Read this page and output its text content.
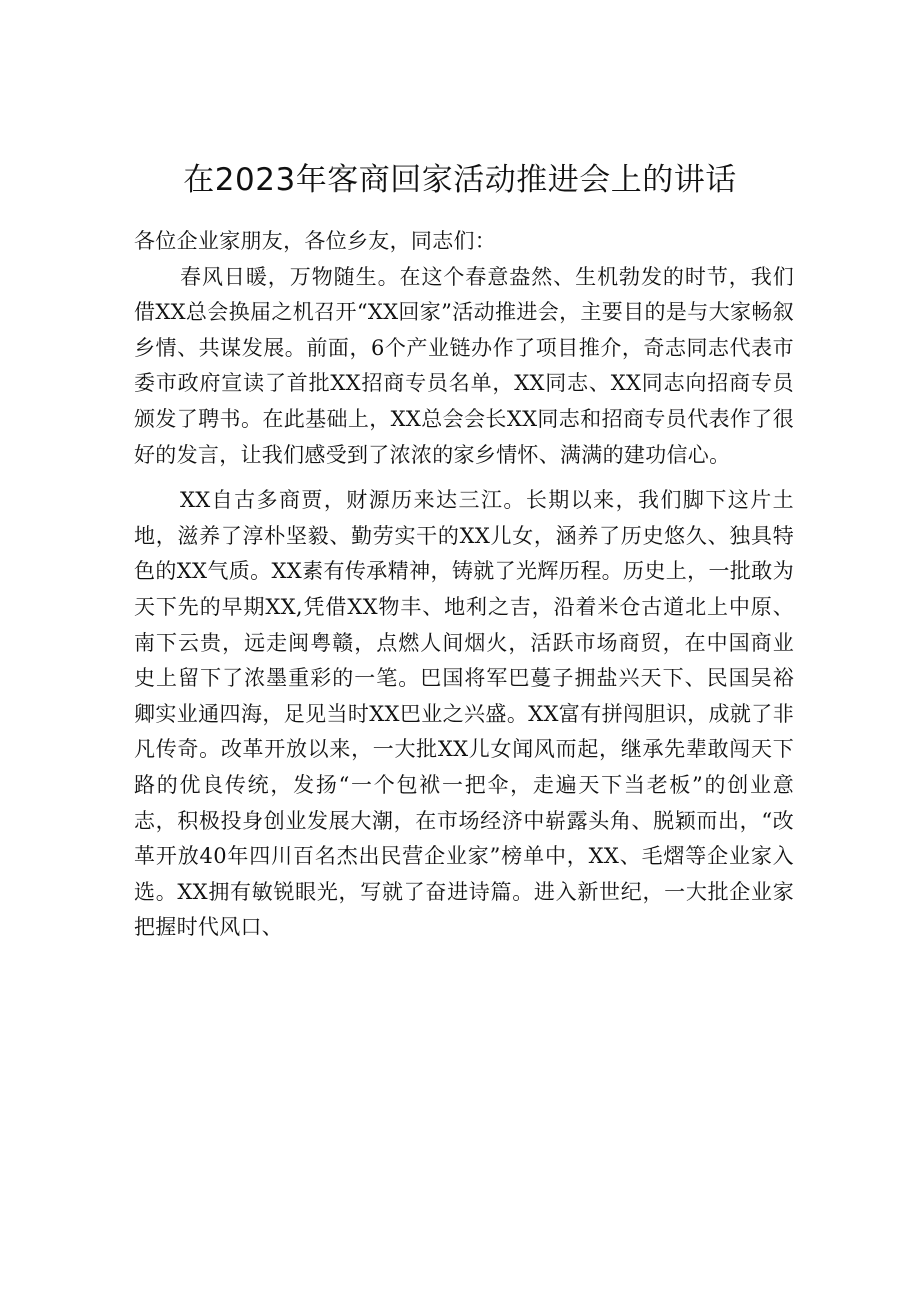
在2023年客商回家活动推进会上的讲话

各位企业家朋友，各位乡友，同志们：

春风日暖，万物随生。在这个春意盎然、生机勃发的时节，我们借XX总会换届之机召开“XX回家”活动推进会，主要目的是与大家畅叙乡情、共谋发展。前面，6个产业链办作了项目推介，奇志同志代表市委市政府宣读了首批XX招商专员名单，XX同志、XX同志向招商专员颁发了聘书。在此基础上，XX总会会长XX同志和招商专员代表作了很好的发言，让我们感受到了浓浓的家乡情怀、满满的建功信心。

XX自古多商贾，财源历来达三江。长期以来，我们脚下这片土地，滋养了淳朴坚毅、勤劳实干的XX儿女，涵养了历史悠久、独具特色的XX气质。XX素有传承精神，铸就了光辉历程。历史上，一批敢为天下先的早期XX,凭借XX物丰、地利之吉，沿着米仓古道北上中原、南下云贵，远走闽粤赣，点燃人间烟火，活跃市场商贸，在中国商业史上留下了浓墨重彩的一笔。巴国将军巴蔓子拥盐兴天下、民国吴裕卿实业通四海，足见当时XX巴业之兴盛。XX富有拼闯胆识，成就了非凡传奇。改革开放以来，一大批XX儿女闻风而起，继承先辈敢闯天下路的优良传统，发扬“一个包袱一把伞，走遍天下当老板”的创业意志，积极投身创业发展大潮，在市场经济中崭露头角、脱颖而出，“改革开放40年四川百名杰出民营企业家”榜单中，XX、毛熠等企业家入选。XX拥有敏锐眼光，写就了奋进诗篇。进入新世纪，一大批企业家把握时代风口、
